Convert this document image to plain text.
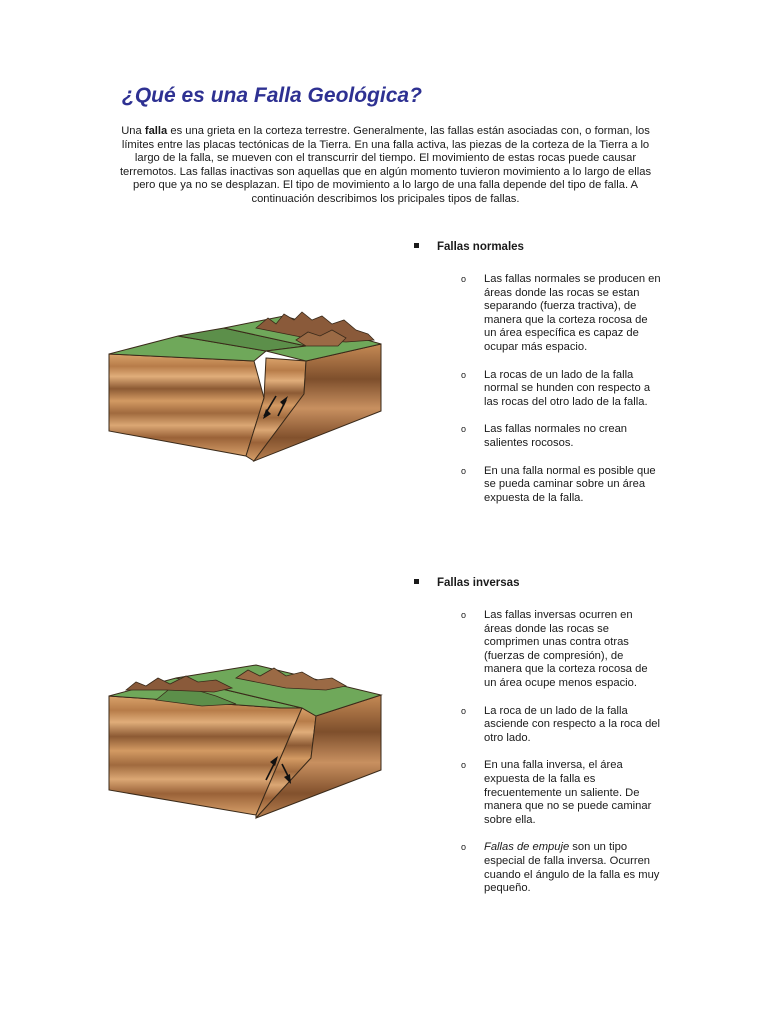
¿Qué es una Falla Geológica?

Una falla es una grieta en la corteza terrestre. Generalmente, las fallas están asociadas con, o forman, los límites entre las placas tectónicas de la Tierra. En una falla activa, las piezas de la corteza de la Tierra a lo largo de la falla, se mueven con el transcurrir del tiempo. El movimiento de estas rocas puede causar terremotos. Las fallas inactivas son aquellas que en algún momento tuvieron movimiento a lo largo de ellas pero que ya no se desplazan. El tipo de movimiento a lo largo de una falla depende del tipo de falla. A continuación describimos los pricipales tipos de fallas.

Fallas normales
o Las fallas normales se producen en áreas donde las rocas se estan separando (fuerza tractiva), de manera que la corteza rocosa de un área específica es capaz de ocupar más espacio.
o La rocas de un lado de la falla normal se hunden con respecto a las rocas del otro lado de la falla.
o Las fallas normales no crean salientes rocosos.
o En una falla normal es posible que se pueda caminar sobre un área expuesta de la falla.
Fallas inversas
o Las fallas inversas ocurren en áreas donde las rocas se comprimen unas contra otras (fuerzas de compresión), de manera que la corteza rocosa de un área ocupe menos espacio.
o La roca de un lado de la falla asciende con respecto a la roca del otro lado.
o En una falla inversa, el área expuesta de la falla es frecuentemente un saliente. De manera que no se puede caminar sobre ella.
o Fallas de empuje son un tipo especial de falla inversa. Ocurren cuando el ángulo de la falla es muy pequeño.
